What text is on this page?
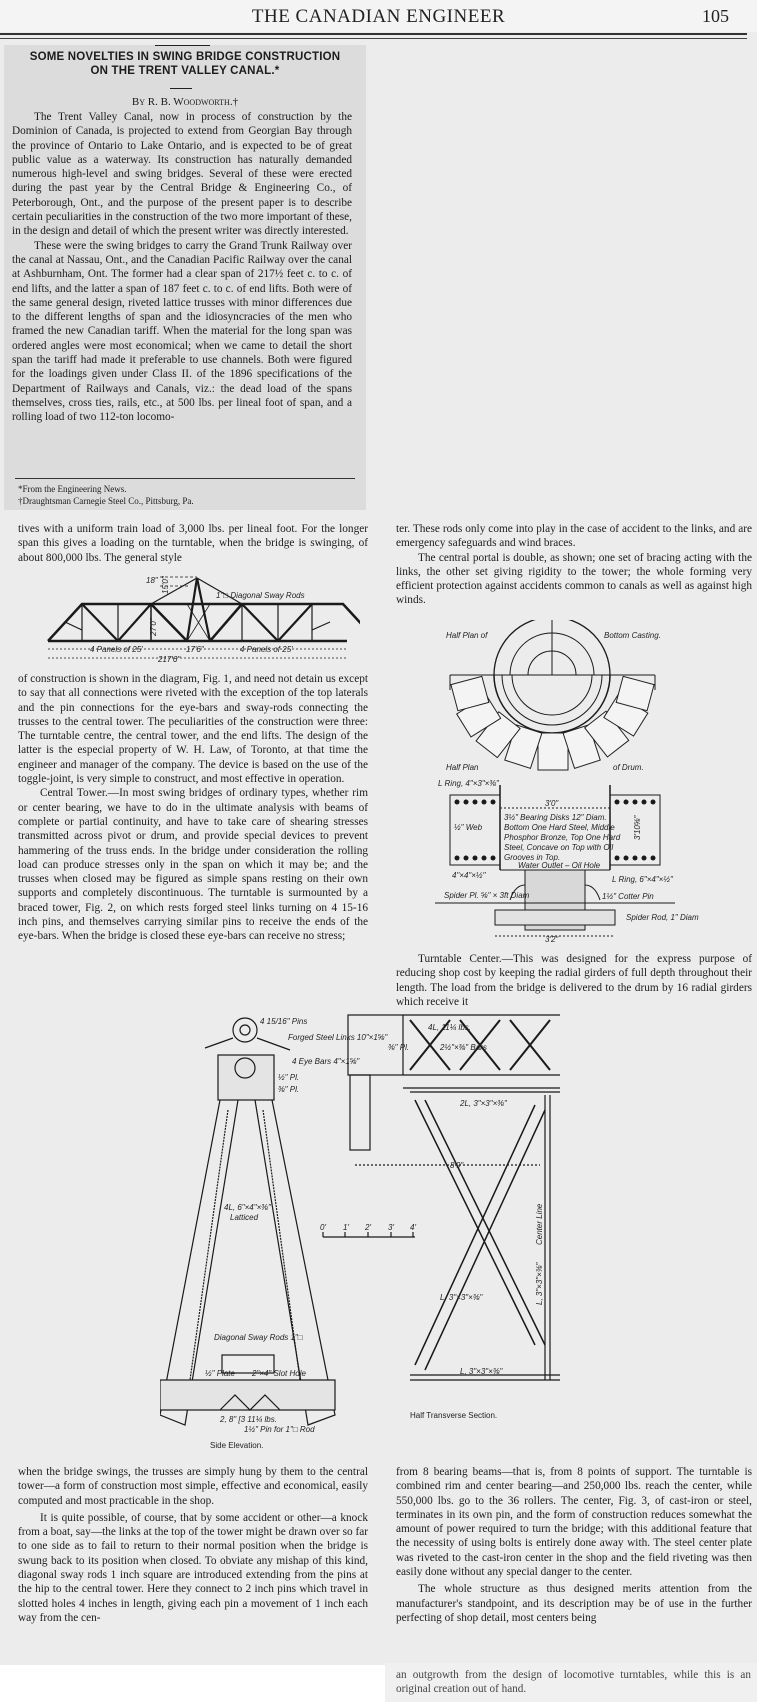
THE CANADIAN ENGINEER	105
SOME NOVELTIES IN SWING BRIDGE CONSTRUCTION
ON THE TRENT VALLEY CANAL.*
By R. B. Woodworth.†

The Trent Valley Canal, now in process of construction by the Dominion of Canada, is projected to extend from Georgian Bay through the province of Ontario to Lake Ontario, and is expected to be of great public value as a waterway. Its construction has naturally demanded numerous high-level and swing bridges. Several of these were erected during the past year by the Central Bridge & Engineering Co., of Peterborough, Ont., and the purpose of the present paper is to describe certain peculiarities in the construction of the two more important of these, in the design and detail of which the present writer was directly interested.

These were the swing bridges to carry the Grand Trunk Railway over the canal at Nassau, Ont., and the Canadian Pacific Railway over the canal at Ashburnham, Ont. The former had a clear span of 217½ feet c. to c. of end lifts, and the latter a span of 187 feet c. to c. of end lifts. Both were of the same general design, riveted lattice trusses with minor differences due to the different lengths of span and the idiosyncracies of the men who framed the new Canadian tariff. When the material for the long span was ordered angles were most economical; when we came to detail the short span the tariff had made it preferable to use channels. Both were figured for the loadings given under Class II. of the 1896 specifications of the Department of Railways and Canals, viz.: the dead load of the spans themselves, cross ties, rails, etc., at 500 lbs. per lineal foot of span, and a rolling load of two 112-ton locomo-

*From the Engineering News.
†Draughtsman Carnegie Steel Co., Pittsburg, Pa.

tives with a uniform train load of 3,000 lbs. per lineal foot. For the longer span this gives a loading on the turntable, when the bridge is swinging, of about 800,000 lbs. The general style

18" 15'0"
27'0"
1"□ Diagonal Sway Rods
4 Panels of 25'	17'6"	4 Panels of 25'
217'6"

of construction is shown in the diagram, Fig. 1, and need not detain us except to say that all connections were riveted with the exception of the top laterals and the pin connections for the eye-bars and sway-rods connecting the trusses to the central tower. The peculiarities of the construction were three: The turntable centre, the central tower, and the end lifts. The design of the latter is the especial property of W. H. Law, of Toronto, at that time the engineer and manager of the company. The device is based on the use of the toggle-joint, is very simple to construct, and most effective in operation.

Central Tower.—In most swing bridges of ordinary types, whether rim or center bearing, we have to do in the ultimate analysis with beams of complete or partial continuity, and have to take care of shearing stresses transmitted across pivot or drum, and provide special devices to prevent hammering of the truss ends. In the bridge under consideration the rolling load can produce stresses only in the span on which it may be; and the trusses when closed may be figured as simple spans resting on their own supports and completely discontinuous. The turntable is surmounted by a braced tower, Fig. 2, on which rests forged steel links turning on 4 15-16 inch pins, and themselves carrying similar pins to receive the ends of the eye-bars. When the bridge is closed these eye-bars can receive no stress;

ter. These rods only come into play in the case of accident to the links, and are emergency safeguards and wind braces.

The central portal is double, as shown; one set of bracing acting with the links, the other set giving rigidity to the tower; the whole forming very efficient protection against accidents common to canals as well as against high winds.

Half Plan of	Bottom Casting.
Half Plan	of Drum.
L Ring, 4"×3"×⅜"
3'0"
3½" Bearing Disks 12" Diam.
Bottom One Hard Steel, Middle
Phosphor Bronze, Top One Hard
Steel, Concave on Top with Oil
Grooves in Top.
½" Web
Water Outlet – Oil Hole
L Ring, 6"×4"×½"
4"×4"×½"
Spider Pl. ⅝" × 3ft Diam	1½" Cotter Pin
Spider Rod, 1" Diam
3'2"
3'10⅝"

Turntable Center.—This was designed for the express purpose of reducing shop cost by keeping the radial girders of full depth throughout their length. The load from the bridge is delivered to the drum by 16 radial girders which receive it

4 15/16" Pins
Forged Steel Links 10"×1⅝"
4 Eye Bars 4"×1⅝"
½" Pl.
⅜" Pl.
⅜" Pl.
4L, 6"×4"×⅜"
Latticed
Diagonal Sway Rods 1"□
½" Plate 2"×4" Slot Hole
2, 8" [3 11¼ lbs.
1½" Pin for 1"□ Rod
4L, 11¼ lbs.
2½"×⅜" Bars
2L, 3"×3"×⅜"
8'9"
Center Line
L, 3"×3"×⅜"
L, 3"×3"×⅜"
L, 3"×3"×⅜"
0' 1' 2' 3' 4'
Half Transverse Section.
Side Elevation.

when the bridge swings, the trusses are simply hung by them to the central tower—a form of construction most simple, effective and economical, easily computed and most practicable in the shop.

It is quite possible, of course, that by some accident or other—a knock from a boat, say—the links at the top of the tower might be drawn over so far to one side as to fail to return to their normal position when the bridge is swung back to its position when closed. To obviate any mishap of this kind, diagonal sway rods 1 inch square are introduced extending from the pins at the hip to the central tower. Here they connect to 2 inch pins which travel in slotted holes 4 inches in length, giving each pin a movement of 1 inch each way from the cen-

from 8 bearing beams—that is, from 8 points of support. The turntable is combined rim and center bearing—and 250,000 lbs. reach the center, while 550,000 lbs. go to the 36 rollers. The center, Fig. 3, of cast-iron or steel, terminates in its own pin, and the form of construction reduces somewhat the amount of power required to turn the bridge; with this additional feature that the necessity of using bolts is entirely done away with. The steel center plate was riveted to the cast-iron center in the shop and the field riveting was then easily done without any special danger to the center.

The whole structure as thus designed merits attention from the manufacturer's standpoint, and its description may be of use in the further perfecting of shop detail, most centers being

an outgrowth from the design of locomotive turntables, while this is an original creation out of hand.
